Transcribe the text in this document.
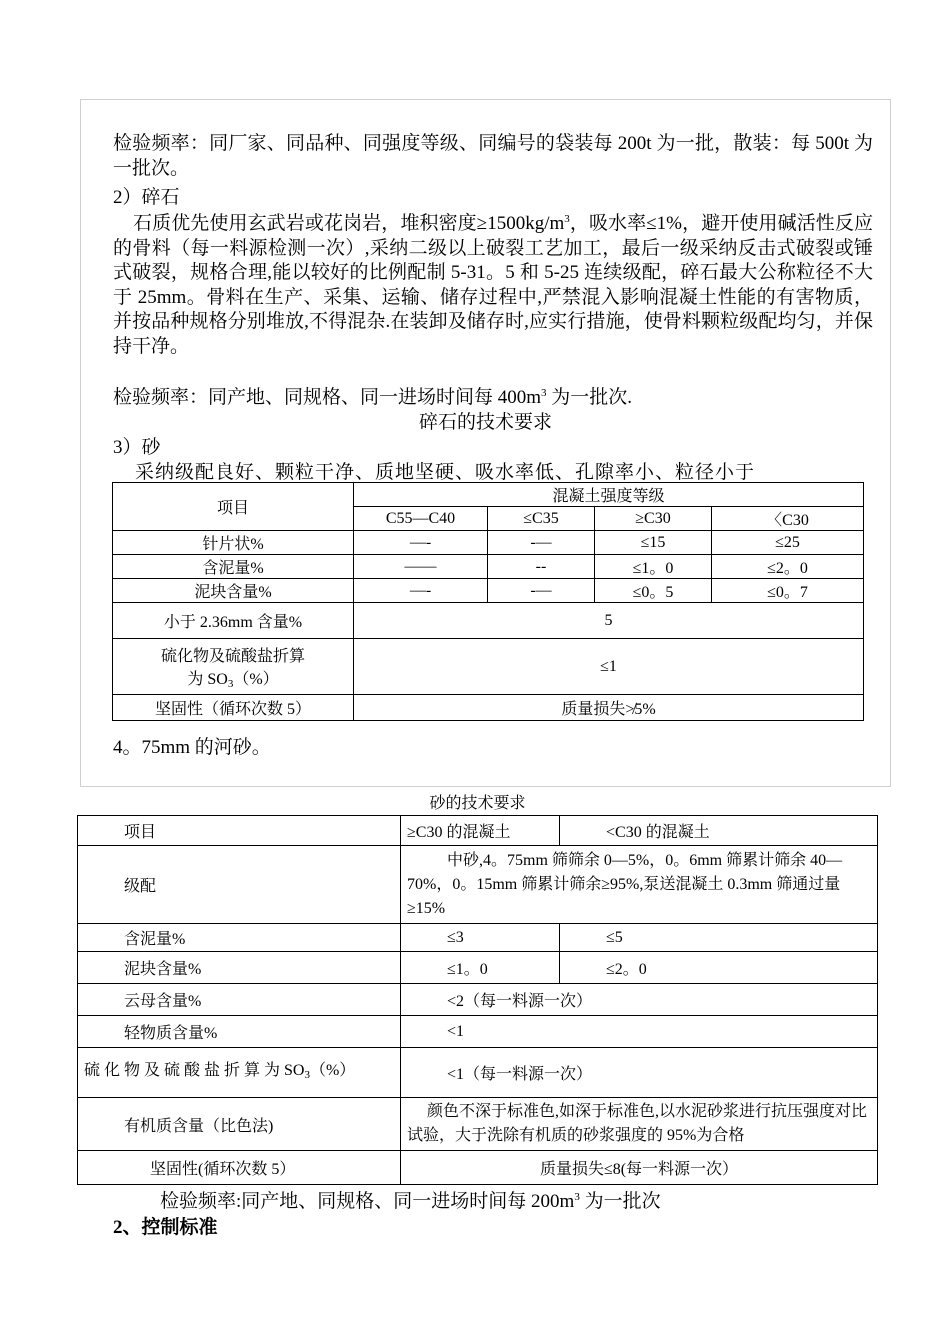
检验频率：同厂家、同品种、同强度等级、同编号的袋装每 200t 为一批，散装：每 500t 为一批次。
2）碎石
石质优先使用玄武岩或花岗岩，堆积密度$\ge 1500kg/m^3$，吸水率≤1%，避开使用碱活性反应的骨料（每一料源检测一次）,采纳二级以上破裂工艺加工，最后一级采纳反击式破裂或锤式破裂，规格合理,能以较好的比例配制 5-31。5 和 5-25 连续级配，碎石最大公称粒径不大于 25mm。骨料在生产、采集、运输、储存过程中,严禁混入影响混凝土性能的有害物质，并按品种规格分别堆放,不得混杂.在装卸及储存时,应实行措施，使骨料颗粒级配均匀，并保持干净。
检验频率：同产地、同规格、同一进场时间每 $400m^3$ 为一批次.
碎石的技术要求
3）砂
采纳级配良好、颗粒干净、质地坚硬、吸水率低、孔隙率小、粒径小于
项目	混凝土强度等级			
	C55—C40	≤C35	≥C30	〈C30
针片状%	—-	-—	≤15	≤25
含泥量%	——	--	≤1。0	≤2。0
泥块含量%	—-	-—	≤0。5	≤0。7
小于 2.36mm 含量%	5			
硫化物及硫酸盐折算
为 $SO_3(\%)$	≤1			
坚固性（循环次数 5）	质量损失≯5%			
4。75mm 的河砂。
砂的技术要求
项目	≥C30 的混凝土	<C30 的混凝土
级配	中砂,4。75mm 筛筛余 0—5%，0。6mm 筛累计筛余 40—70%，0。15mm 筛累计筛余≥95%,泵送混凝土 0.3mm 筛通过量≥15%	
含泥量%	≤3	≤5
泥块含量%	≤1。0	≤2。0
云母含量%	<2（每一料源一次）	
轻物质含量%	<1	
硫 化 物 及 硫 酸 盐 折 算 为 $SO_3(\%)$	<1（每一料源一次）	
有机质含量（比色法)	颜色不深于标准色,如深于标准色,以水泥砂浆进行抗压强度对比试验，大于洗除有机质的砂浆强度的 95%为合格	
坚固性(循环次数 5）	质量损失≤8(每一料源一次）	
检验频率:同产地、同规格、同一进场时间每 $200m^3$ 为一批次
2、控制标准
